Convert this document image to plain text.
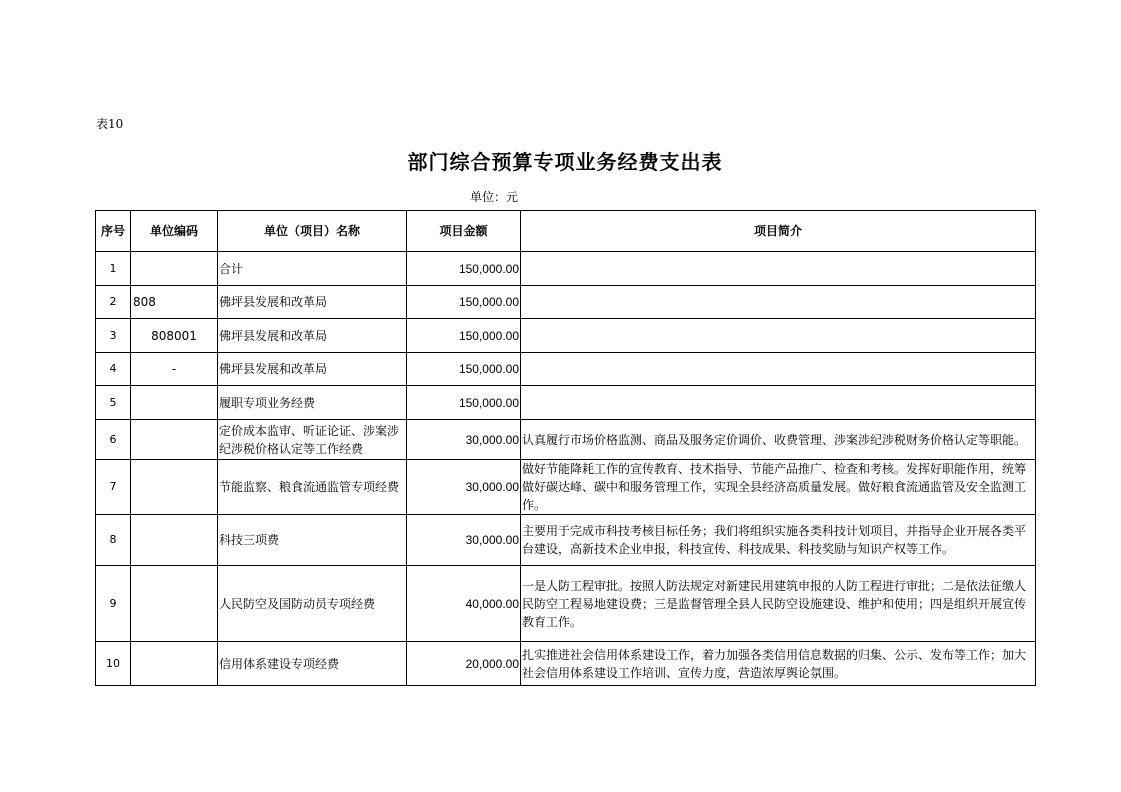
表10
部门综合预算专项业务经费支出表
单位：元
序号	单位编码	单位（项目）名称	项目金额	项目简介
1		合计	150,000.00	
2	808	佛坪县发展和改革局	150,000.00	
3	808001	佛坪县发展和改革局	150,000.00	
4	-	佛坪县发展和改革局	150,000.00	
5		履职专项业务经费	150,000.00	
6		定价成本监审、听证论证、涉案涉纪涉税价格认定等工作经费	30,000.00	认真履行市场价格监测、商品及服务定价调价、收费管理、涉案涉纪涉税财务价格认定等职能。
7		节能监察、粮食流通监管专项经费	30,000.00	做好节能降耗工作的宣传教育、技术指导、节能产品推广、检查和考核。发挥好职能作用，统筹做好碳达峰、碳中和服务管理工作，实现全县经济高质量发展。做好粮食流通监管及安全监测工作。
8		科技三项费	30,000.00	主要用于完成市科技考核目标任务；我们将组织实施各类科技计划项目，并指导企业开展各类平台建设，高新技术企业申报，科技宣传、科技成果、科技奖励与知识产权等工作。
9		人民防空及国防动员专项经费	40,000.00	一是人防工程审批。按照人防法规定对新建民用建筑申报的人防工程进行审批；二是依法征缴人民防空工程易地建设费；三是监督管理全县人民防空设施建设、维护和使用；四是组织开展宣传教育工作。
10		信用体系建设专项经费	20,000.00	扎实推进社会信用体系建设工作，着力加强各类信用信息数据的归集、公示、发布等工作；加大社会信用体系建设工作培训、宣传力度，营造浓厚舆论氛围。
